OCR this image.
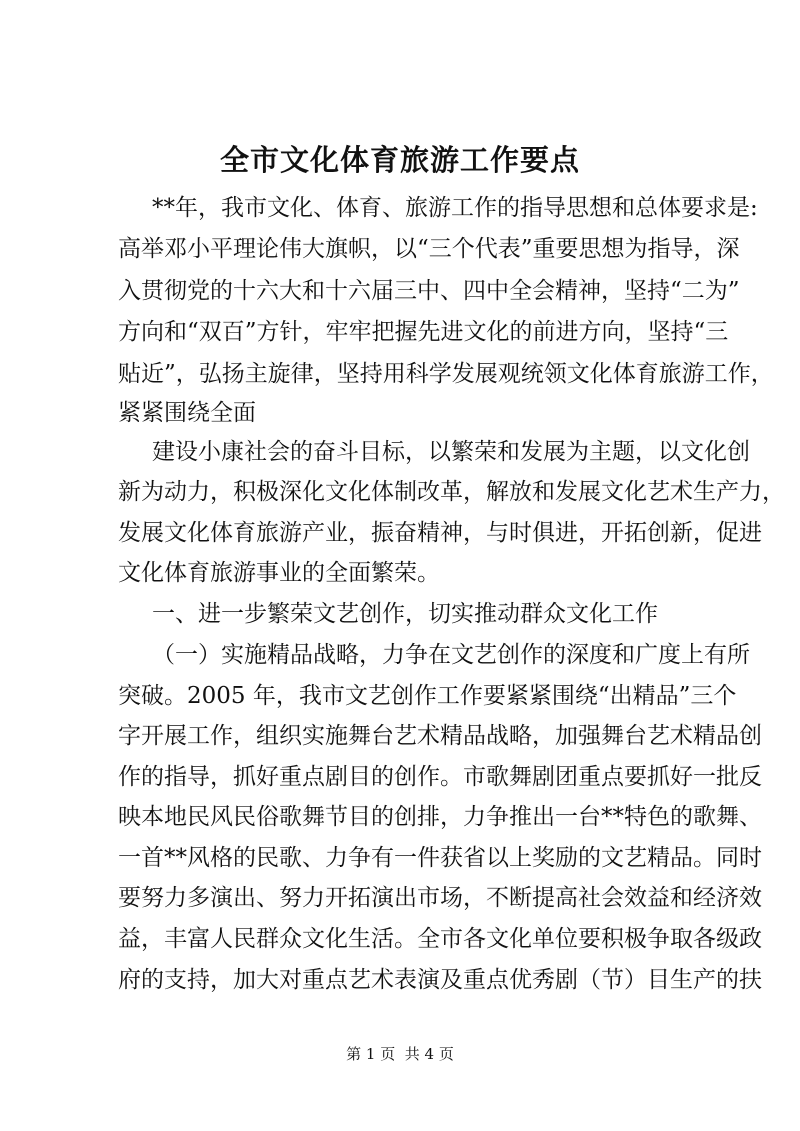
全市文化体育旅游工作要点
**年，我市文化、体育、旅游工作的指导思想和总体要求是:
高举邓小平理论伟大旗帜，以“三个代表”重要思想为指导，深
入贯彻党的十六大和十六届三中、四中全会精神，坚持“二为”
方向和“双百”方针，牢牢把握先进文化的前进方向，坚持“三
贴近”，弘扬主旋律，坚持用科学发展观统领文化体育旅游工作，
紧紧围绕全面
建设小康社会的奋斗目标，以繁荣和发展为主题，以文化创
新为动力，积极深化文化体制改革，解放和发展文化艺术生产力，
发展文化体育旅游产业，振奋精神，与时俱进，开拓创新，促进
文化体育旅游事业的全面繁荣。
一、进一步繁荣文艺创作，切实推动群众文化工作
（一）实施精品战略，力争在文艺创作的深度和广度上有所
突破。2005 年，我市文艺创作工作要紧紧围绕“出精品”三个
字开展工作，组织实施舞台艺术精品战略，加强舞台艺术精品创
作的指导，抓好重点剧目的创作。市歌舞剧团重点要抓好一批反
映本地民风民俗歌舞节目的创排，力争推出一台**特色的歌舞、
一首**风格的民歌、力争有一件获省以上奖励的文艺精品。同时
要努力多演出、努力开拓演出市场，不断提高社会效益和经济效
益，丰富人民群众文化生活。全市各文化单位要积极争取各级政
府的支持，加大对重点艺术表演及重点优秀剧（节）目生产的扶
第 1 页  共 4 页
